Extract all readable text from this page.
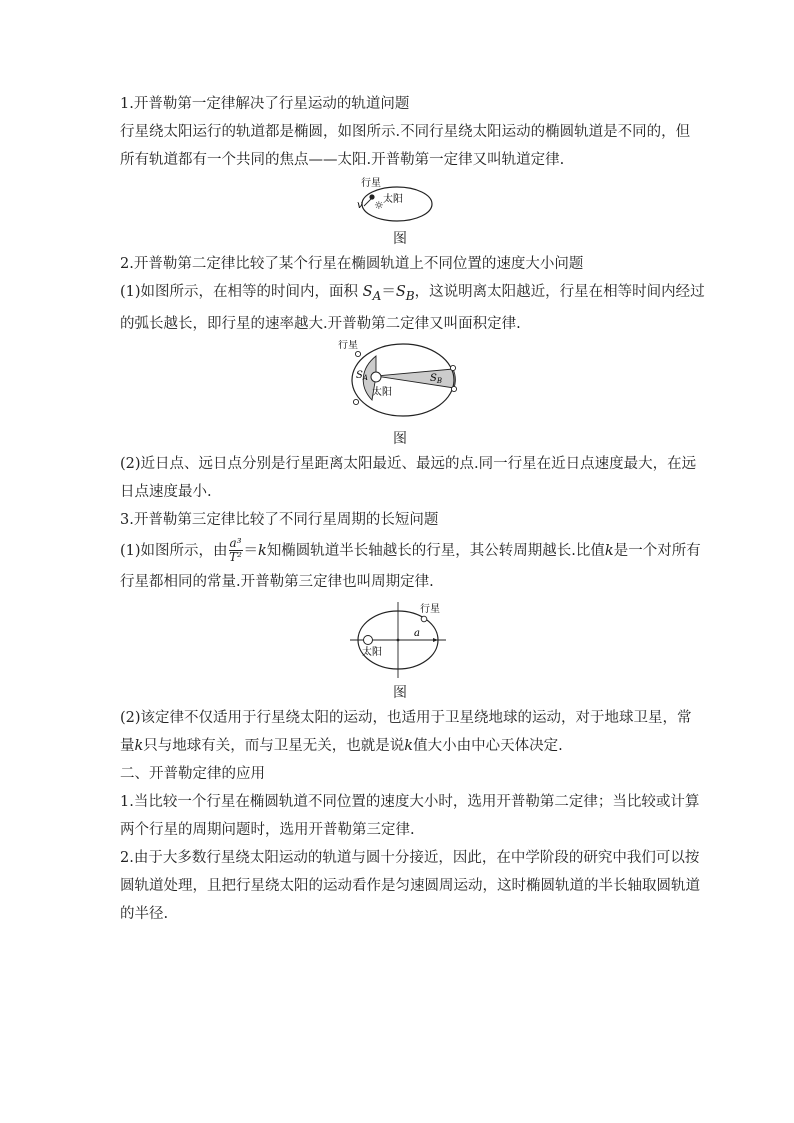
1.开普勒第一定律解决了行星运动的轨道问题
行星绕太阳运行的轨道都是椭圆，如图所示.不同行星绕太阳运动的椭圆轨道是不同的，但
所有轨道都有一个共同的焦点——太阳.开普勒第一定律又叫轨道定律.
行星
v ☼ 太阳
图
2.开普勒第二定律比较了某个行星在椭圆轨道上不同位置的速度大小问题
(1)如图所示，在相等的时间内，面积 $S_A=S_B$，这说明离太阳越近，行星在相等时间内经过
的弧长越长，即行星的速率越大.开普勒第二定律又叫面积定律.
行星
$S_A$	$S_B$
太阳
图
(2)近日点、远日点分别是行星距离太阳最近、最远的点.同一行星在近日点速度最大，在远
日点速度最小.
3.开普勒第三定律比较了不同行星周期的长短问题
(1)如图所示，由 $\frac{\text{a³}}{\text{T²}} =k$知椭圆轨道半长轴越长的行星，其公转周期越长.比值k是一个对所有
行星都相同的常量.开普勒第三定律也叫周期定律.
行星
a
太阳
图
(2)该定律不仅适用于行星绕太阳的运动，也适用于卫星绕地球的运动，对于地球卫星，常
量k只与地球有关，而与卫星无关，也就是说k值大小由中心天体决定.
二、开普勒定律的应用
1.当比较一个行星在椭圆轨道不同位置的速度大小时，选用开普勒第二定律；当比较或计算
两个行星的周期问题时，选用开普勒第三定律.
2.由于大多数行星绕太阳运动的轨道与圆十分接近，因此，在中学阶段的研究中我们可以按
圆轨道处理，且把行星绕太阳的运动看作是匀速圆周运动，这时椭圆轨道的半长轴取圆轨道
的半径.
